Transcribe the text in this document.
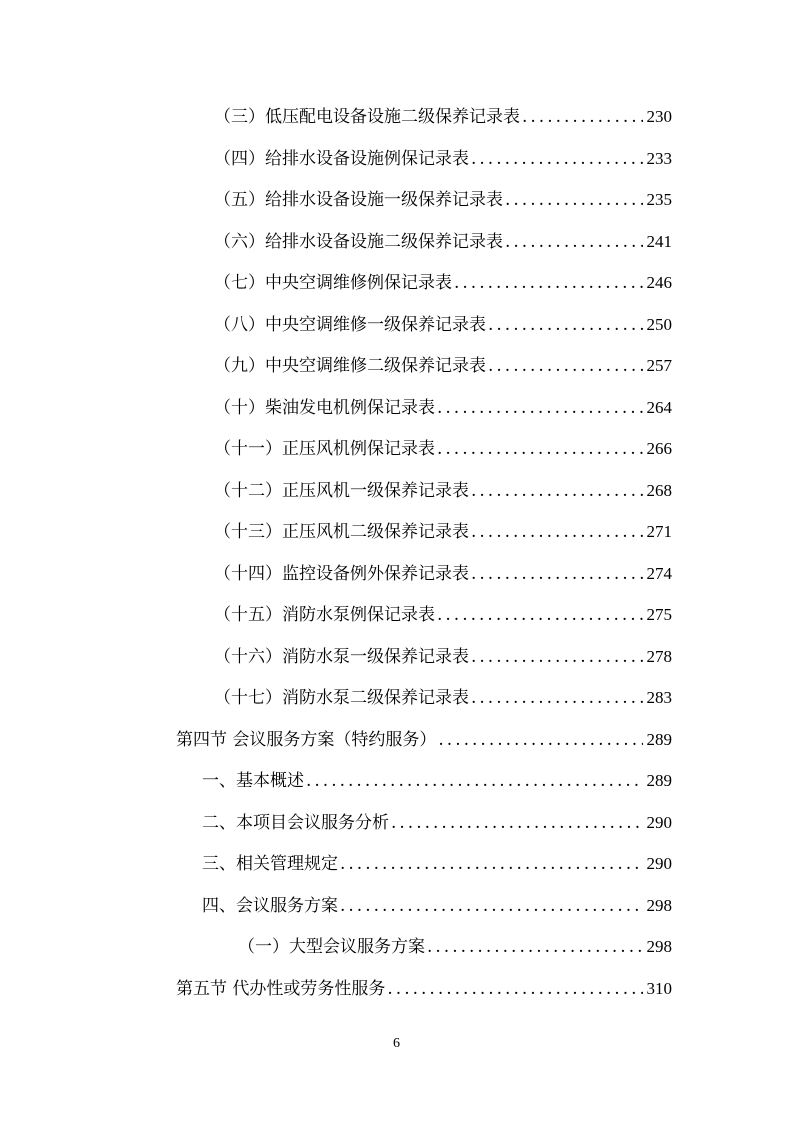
（三）低压配电设备设施二级保养记录表 .....	230
（四）给排水设备设施例保记录表 .....	233
（五）给排水设备设施一级保养记录表 .....	235
（六）给排水设备设施二级保养记录表 .....	241
（七）中央空调维修例保记录表 .....	246
（八）中央空调维修一级保养记录表 .....	250
（九）中央空调维修二级保养记录表 .....	257
（十）柴油发电机例保记录表 .....	264
（十一）正压风机例保记录表 .....	266
（十二）正压风机一级保养记录表 .....	268
（十三）正压风机二级保养记录表 .....	271
（十四）监控设备例外保养记录表 .....	274
（十五）消防水泵例保记录表 .....	275
（十六）消防水泵一级保养记录表 .....	278
（十七）消防水泵二级保养记录表 .....	283
第四节 会议服务方案（特约服务） .....	289
一、基本概述 .....	289
二、本项目会议服务分析 .....	290
三、相关管理规定 .....	290
四、会议服务方案 .....	298
（一）大型会议服务方案 .....	298
第五节 代办性或劳务性服务 .....	310
6
